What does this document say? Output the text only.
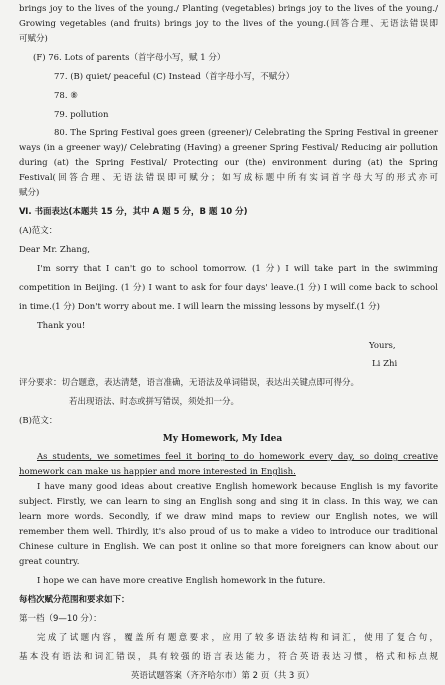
brings joy to the lives of the young./ Planting (vegetables) brings joy to the lives of the young./
Growing vegetables (and fruits) brings joy to the lives of the young.(回答合理、无语法错误即
可赋分)
(F) 76. Lots of parents（首字母小写，赋 1 分）
77. (B) quiet/ peaceful (C) Instead（首字母小写，不赋分）
78. ⑧
79. pollution
80. The Spring Festival goes green (greener)/ Celebrating the Spring Festival in greener
ways (in a greener way)/ Celebrating (Having) a greener Spring Festival/ Reducing air pollution
during (at) the Spring Festival/ Protecting our (the) environment during (at) the Spring
Festival(回答合理、无语法错误即可赋分；如写成标题中所有实词首字母大写的形式亦可
赋分)
Ⅵ. 书面表达(本题共 15 分，其中 A 题 5 分，B 题 10 分)
(A)范文：
Dear Mr. Zhang,
I'm sorry that I can't go to school tomorrow. (1 分) I will take part in the swimming
competition in Beijing. (1 分) I want to ask for four days' leave.(1 分) I will come back to school
in time.(1 分) Don't worry about me. I will learn the missing lessons by myself.(1 分)
Thank you!
Yours,
Li Zhi
评分要求：切合题意，表达清楚，语言准确，无语法及单词错误，表达出关键点即可得分。
若出现语法、时态或拼写错误，须处扣一分。
(B)范文：
My Homework, My Idea
As students, we sometimes feel it boring to do homework every day, so doing creative
homework can make us happier and more interested in English.
I have many good ideas about creative English homework because English is my favorite
subject. Firstly, we can learn to sing an English song and sing it in class. In this way, we can
learn more words. Secondly, if we draw mind maps to review our English notes, we will
remember them well. Thirdly, it's also proud of us to make a video to introduce our traditional
Chinese culture in English. We can post it online so that more foreigners can know about our
great country.
I hope we can have more creative English homework in the future.
每档次赋分范围和要求如下：
第一档（9—10 分）：
完成了试题内容，覆盖所有题意要求，应用了较多语法结构和词汇，使用了复合句，
基本没有语法和词汇错误，具有较强的语言表达能力，符合英语表达习惯，格式和标点规
英语试题答案（齐齐哈尔市）第 2 页（共 3 页）
